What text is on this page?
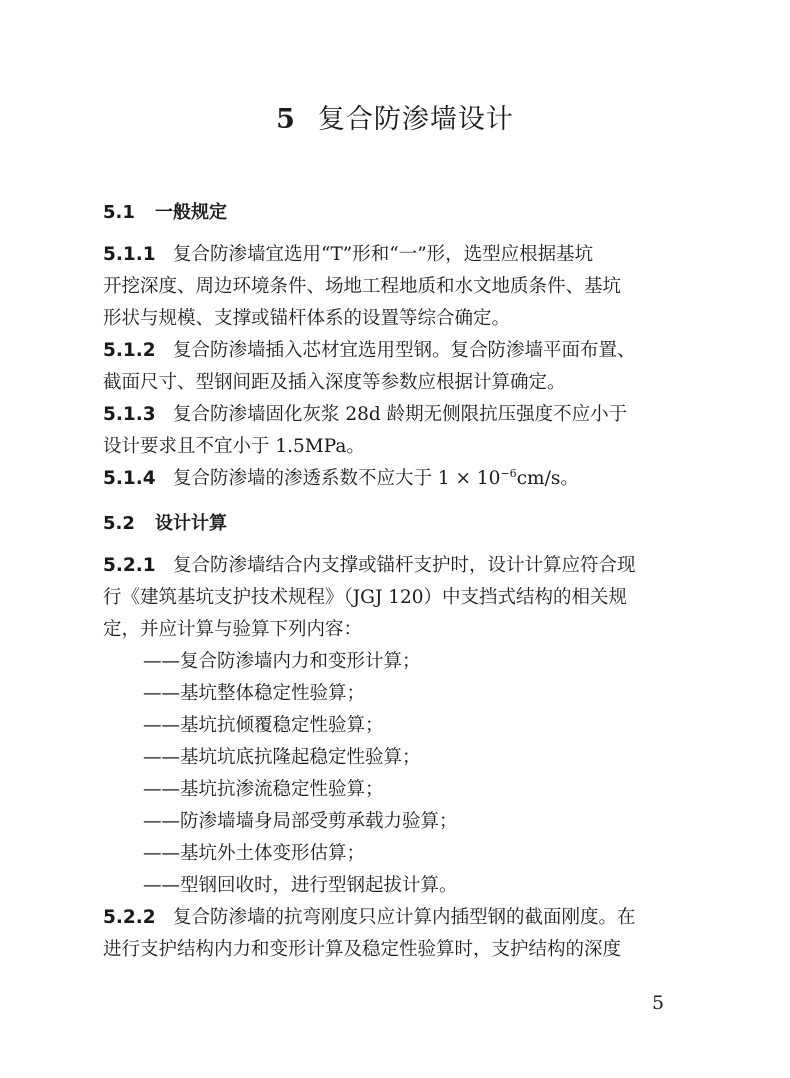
5 复合防渗墙设计
5.1 一般规定
5.1.1 复合防渗墙宜选用“T”形和“一”形，选型应根据基坑
开挖深度、周边环境条件、场地工程地质和水文地质条件、基坑
形状与规模、支撑或锚杆体系的设置等综合确定。
5.1.2 复合防渗墙插入芯材宜选用型钢。复合防渗墙平面布置、
截面尺寸、型钢间距及插入深度等参数应根据计算确定。
5.1.3 复合防渗墙固化灰浆 28d 龄期无侧限抗压强度不应小于
设计要求且不宜小于 1.5MPa。
5.1.4 复合防渗墙的渗透系数不应大于 $1 \times 10^{-6}cm/s$。
5.2 设计计算
5.2.1 复合防渗墙结合内支撑或锚杆支护时，设计计算应符合现
行《建筑基坑支护技术规程》（JGJ 120）中支挡式结构的相关规
定，并应计算与验算下列内容：
——复合防渗墙内力和变形计算；
——基坑整体稳定性验算；
——基坑抗倾覆稳定性验算；
——基坑坑底抗隆起稳定性验算；
——基坑抗渗流稳定性验算；
——防渗墙墙身局部受剪承载力验算；
——基坑外土体变形估算；
——型钢回收时，进行型钢起拔计算。
5.2.2 复合防渗墙的抗弯刚度只应计算内插型钢的截面刚度。在
进行支护结构内力和变形计算及稳定性验算时，支护结构的深度
5
